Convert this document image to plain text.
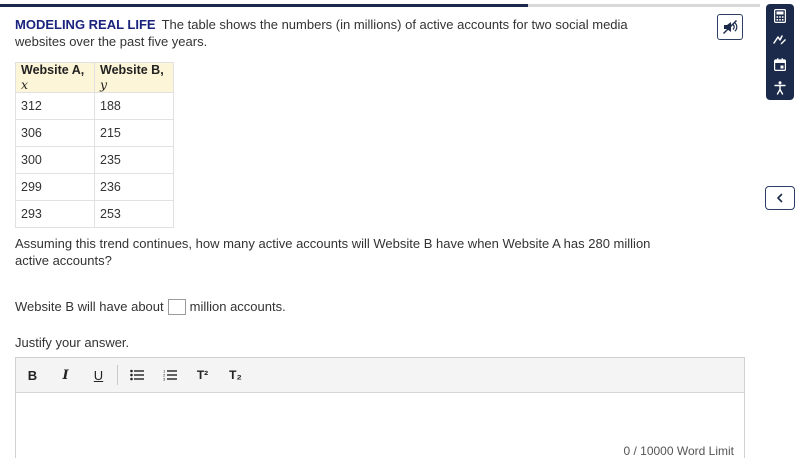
MODELING REAL LIFE The table shows the numbers (in millions) of active accounts for two social media websites over the past five years.
Website A, x	Website B, y
312	188
306	215
300	235
299	236
293	253
Assuming this trend continues, how many active accounts will Website B have when Website A has 280 million active accounts?
Website B will have about million accounts.
Justify your answer.
B I U	1
2
3	T² T₂
0 / 10000 Word Limit
